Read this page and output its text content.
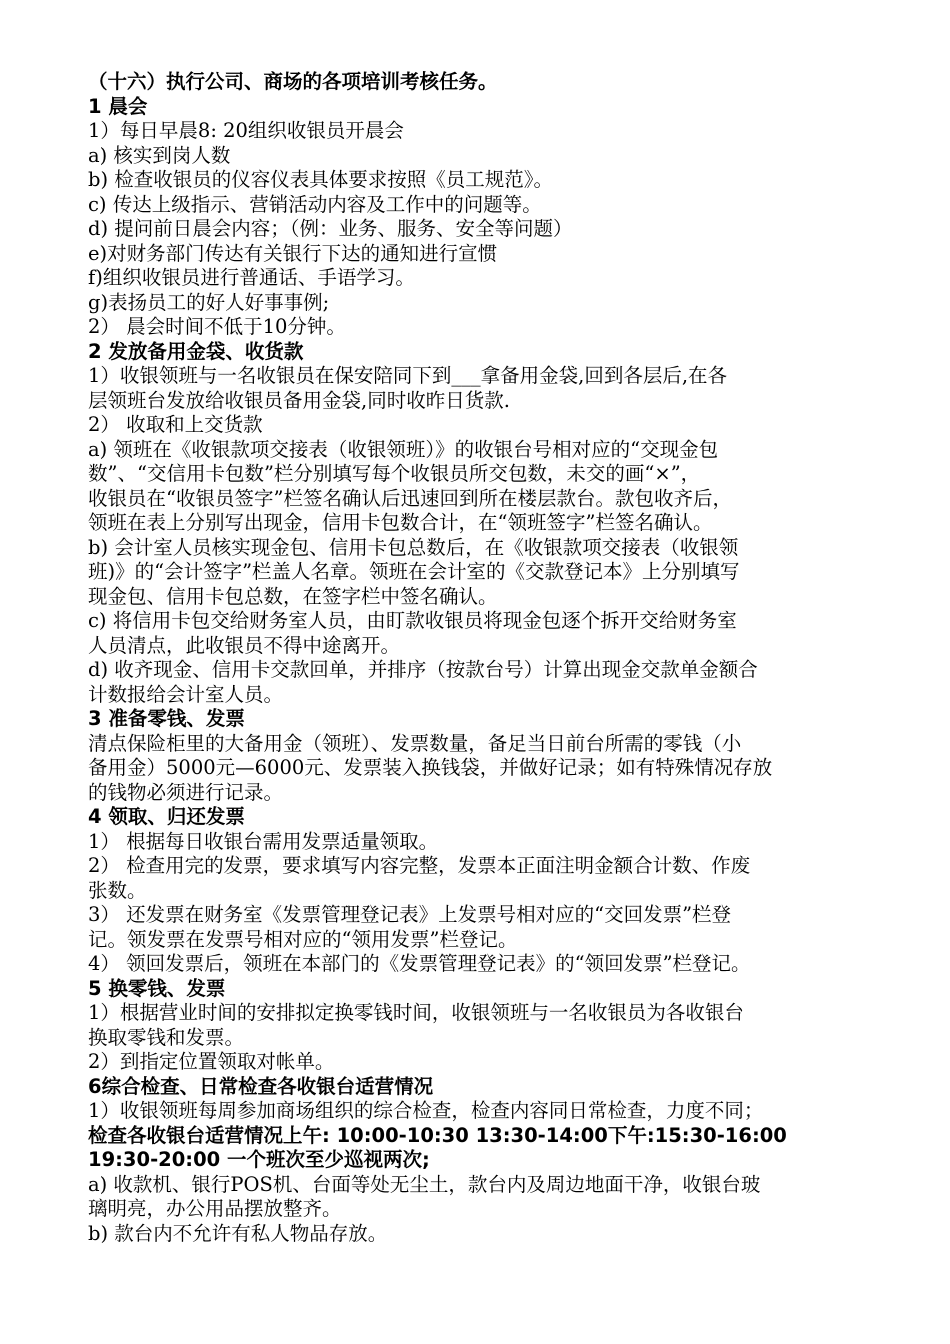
（十六）执行公司、商场的各项培训考核任务。
1 晨会
1）每日早晨8: 20组织收银员开晨会
a) 核实到岗人数
b) 检查收银员的仪容仪表具体要求按照《员工规范》。
c) 传达上级指示、营销活动内容及工作中的问题等。
d) 提问前日晨会内容；（例：业务、服务、安全等问题）
e)对财务部门传达有关银行下达的通知进行宣惯
f)组织收银员进行普通话、手语学习。
g)表扬员工的好人好事事例;
2） 晨会时间不低于10分钟。
2 发放备用金袋、收货款
1）收银领班与一名收银员在保安陪同下到___拿备用金袋,回到各层后,在各
层领班台发放给收银员备用金袋,同时收昨日货款.
2） 收取和上交货款
a) 领班在《收银款项交接表（收银领班）》的收银台号相对应的“交现金包
数”、“交信用卡包数”栏分别填写每个收银员所交包数，未交的画“×”，
收银员在“收银员签字”栏签名确认后迅速回到所在楼层款台。款包收齐后，
领班在表上分别写出现金，信用卡包数合计，在“领班签字”栏签名确认。
b) 会计室人员核实现金包、信用卡包总数后，在《收银款项交接表（收银领
班)》的“会计签字”栏盖人名章。领班在会计室的《交款登记本》上分别填写
现金包、信用卡包总数，在签字栏中签名确认。
c) 将信用卡包交给财务室人员，由盯款收银员将现金包逐个拆开交给财务室
人员清点，此收银员不得中途离开。
d) 收齐现金、信用卡交款回单，并排序（按款台号）计算出现金交款单金额合
计数报给会计室人员。
3 准备零钱、发票
清点保险柜里的大备用金（领班）、发票数量，备足当日前台所需的零钱（小
备用金）5000元—6000元、发票装入换钱袋，并做好记录；如有特殊情况存放
的钱物必须进行记录。
4 领取、归还发票
1） 根据每日收银台需用发票适量领取。
2） 检查用完的发票，要求填写内容完整，发票本正面注明金额合计数、作废
张数。
3） 还发票在财务室《发票管理登记表》上发票号相对应的“交回发票”栏登
记。领发票在发票号相对应的“领用发票”栏登记。
4） 领回发票后，领班在本部门的《发票管理登记表》的“领回发票”栏登记。
5 换零钱、发票
1）根据营业时间的安排拟定换零钱时间，收银领班与一名收银员为各收银台
换取零钱和发票。
2）到指定位置领取对帐单。
6综合检查、日常检查各收银台适营情况
1）收银领班每周参加商场组织的综合检查，检查内容同日常检查，力度不同；
检查各收银台适营情况上午: 10:00-10:30 13:30-14:00下午:15:30-16:00
19:30-20:00 一个班次至少巡视两次;
a) 收款机、银行POS机、台面等处无尘土，款台内及周边地面干净，收银台玻
璃明亮，办公用品摆放整齐。
b) 款台内不允许有私人物品存放。
